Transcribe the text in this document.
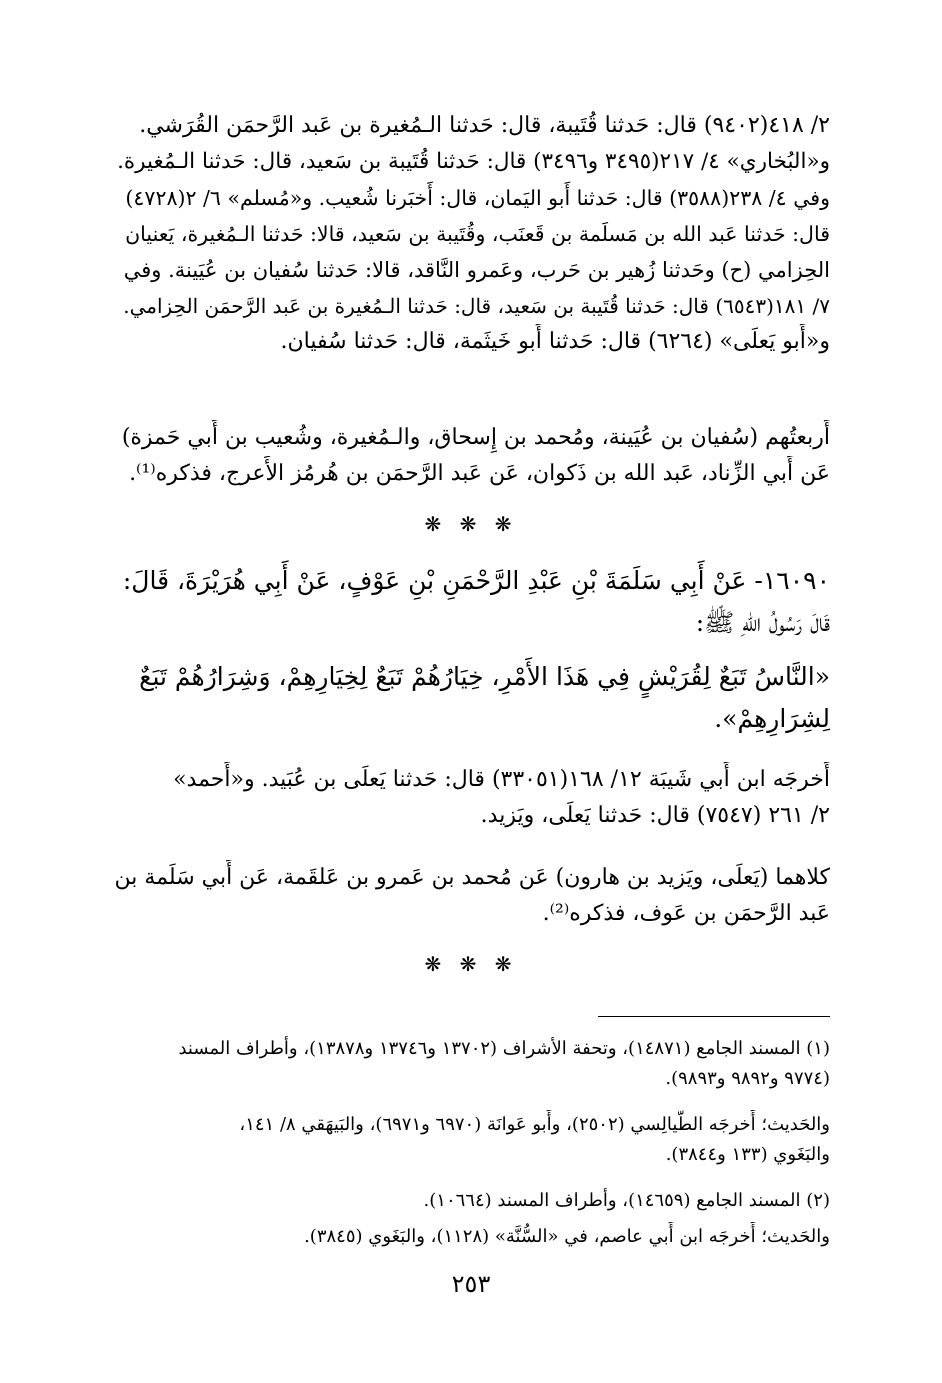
٢/ ٤١٨(٩٤٠٢) قال: حَدثنا قُتَيبة، قال: حَدثنا الـمُغيرة بن عَبد الرَّحمَن القُرَشي.
و«البُخاري» ٤/ ٢١٧(٣٤٩٥ و٣٤٩٦) قال: حَدثنا قُتَيبة بن سَعيد، قال: حَدثنا الـمُغيرة.
وفي ٤/ ٢٣٨(٣٥٨٨) قال: حَدثنا أَبو اليَمان، قال: أَخبَرنا شُعيب. و«مُسلم» ٦/ ٢(٤٧٢٨)
قال: حَدثنا عَبد الله بن مَسلَمة بن قَعنَب، وقُتَيبة بن سَعيد، قالا: حَدثنا الـمُغيرة، يَعنيان
الحِزامي (ح) وحَدثنا زُهير بن حَرب، وعَمرو النَّاقد، قالا: حَدثنا سُفيان بن عُيَينة. وفي
٧/ ١٨١(٦٥٤٣) قال: حَدثنا قُتَيبة بن سَعيد، قال: حَدثنا الـمُغيرة بن عَبد الرَّحمَن الحِزامي.
و«أَبو يَعلَى» (٦٢٦٤) قال: حَدثنا أَبو خَيثَمة، قال: حَدثنا سُفيان.
أَربعتُهم (سُفيان بن عُيَينة، ومُحمد بن إِسحاق، والـمُغيرة، وشُعيب بن أَبي حَمزة)
عَن أَبي الزِّناد، عَبد الله بن ذَكوان، عَن عَبد الرَّحمَن بن هُرمُز الأَعرج، فذكره⁽¹⁾.
❋ ❋ ❋
١٦٠٩٠- عَنْ أَبِي سَلَمَةَ بْنِ عَبْدِ الرَّحْمَنِ بْنِ عَوْفٍ، عَنْ أَبِي هُرَيْرَةَ، قَالَ:
قَالَ رَسُولُ اللهِ ﷺ:
«النَّاسُ تَبَعٌ لِقُرَيْشٍ فِي هَذَا الأَمْرِ، خِيَارُهُمْ تَبَعٌ لِخِيَارِهِمْ، وَشِرَارُهُمْ تَبَعٌ
لِشِرَارِهِمْ».
أَخرجَه ابن أَبي شَيبَة ١٢/ ١٦٨(٣٣٠٥١) قال: حَدثنا يَعلَى بن عُبَيد. و«أَحمد»
٢/ ٢٦١ (٧٥٤٧) قال: حَدثنا يَعلَى، ويَزيد.
كلاهما (يَعلَى، ويَزيد بن هارون) عَن مُحمد بن عَمرو بن عَلقَمة، عَن أَبي سَلَمة بن
عَبد الرَّحمَن بن عَوف، فذكره⁽²⁾.
❋ ❋ ❋
(١) المسند الجامع (١٤٨٧١)، وتحفة الأشراف (١٣٧٠٢ و١٣٧٤٦ و١٣٨٧٨)، وأطراف المسند
(٩٧٧٤ و٩٨٩٢ و٩٨٩٣).
والحَديث؛ أَخرجَه الطَّيالِسي (٢٥٠٢)، وأَبو عَوانَة (٦٩٧٠ و٦٩٧١)، والبَيهَقي ٨/ ١٤١،
والبَغَوي (١٣٣ و٣٨٤٤).
(٢) المسند الجامع (١٤٦٥٩)، وأطراف المسند (١٠٦٦٤).
والحَديث؛ أَخرجَه ابن أَبي عاصم، في «السُّنَّة» (١١٢٨)، والبَغَوي (٣٨٤٥).
٢٥٣
